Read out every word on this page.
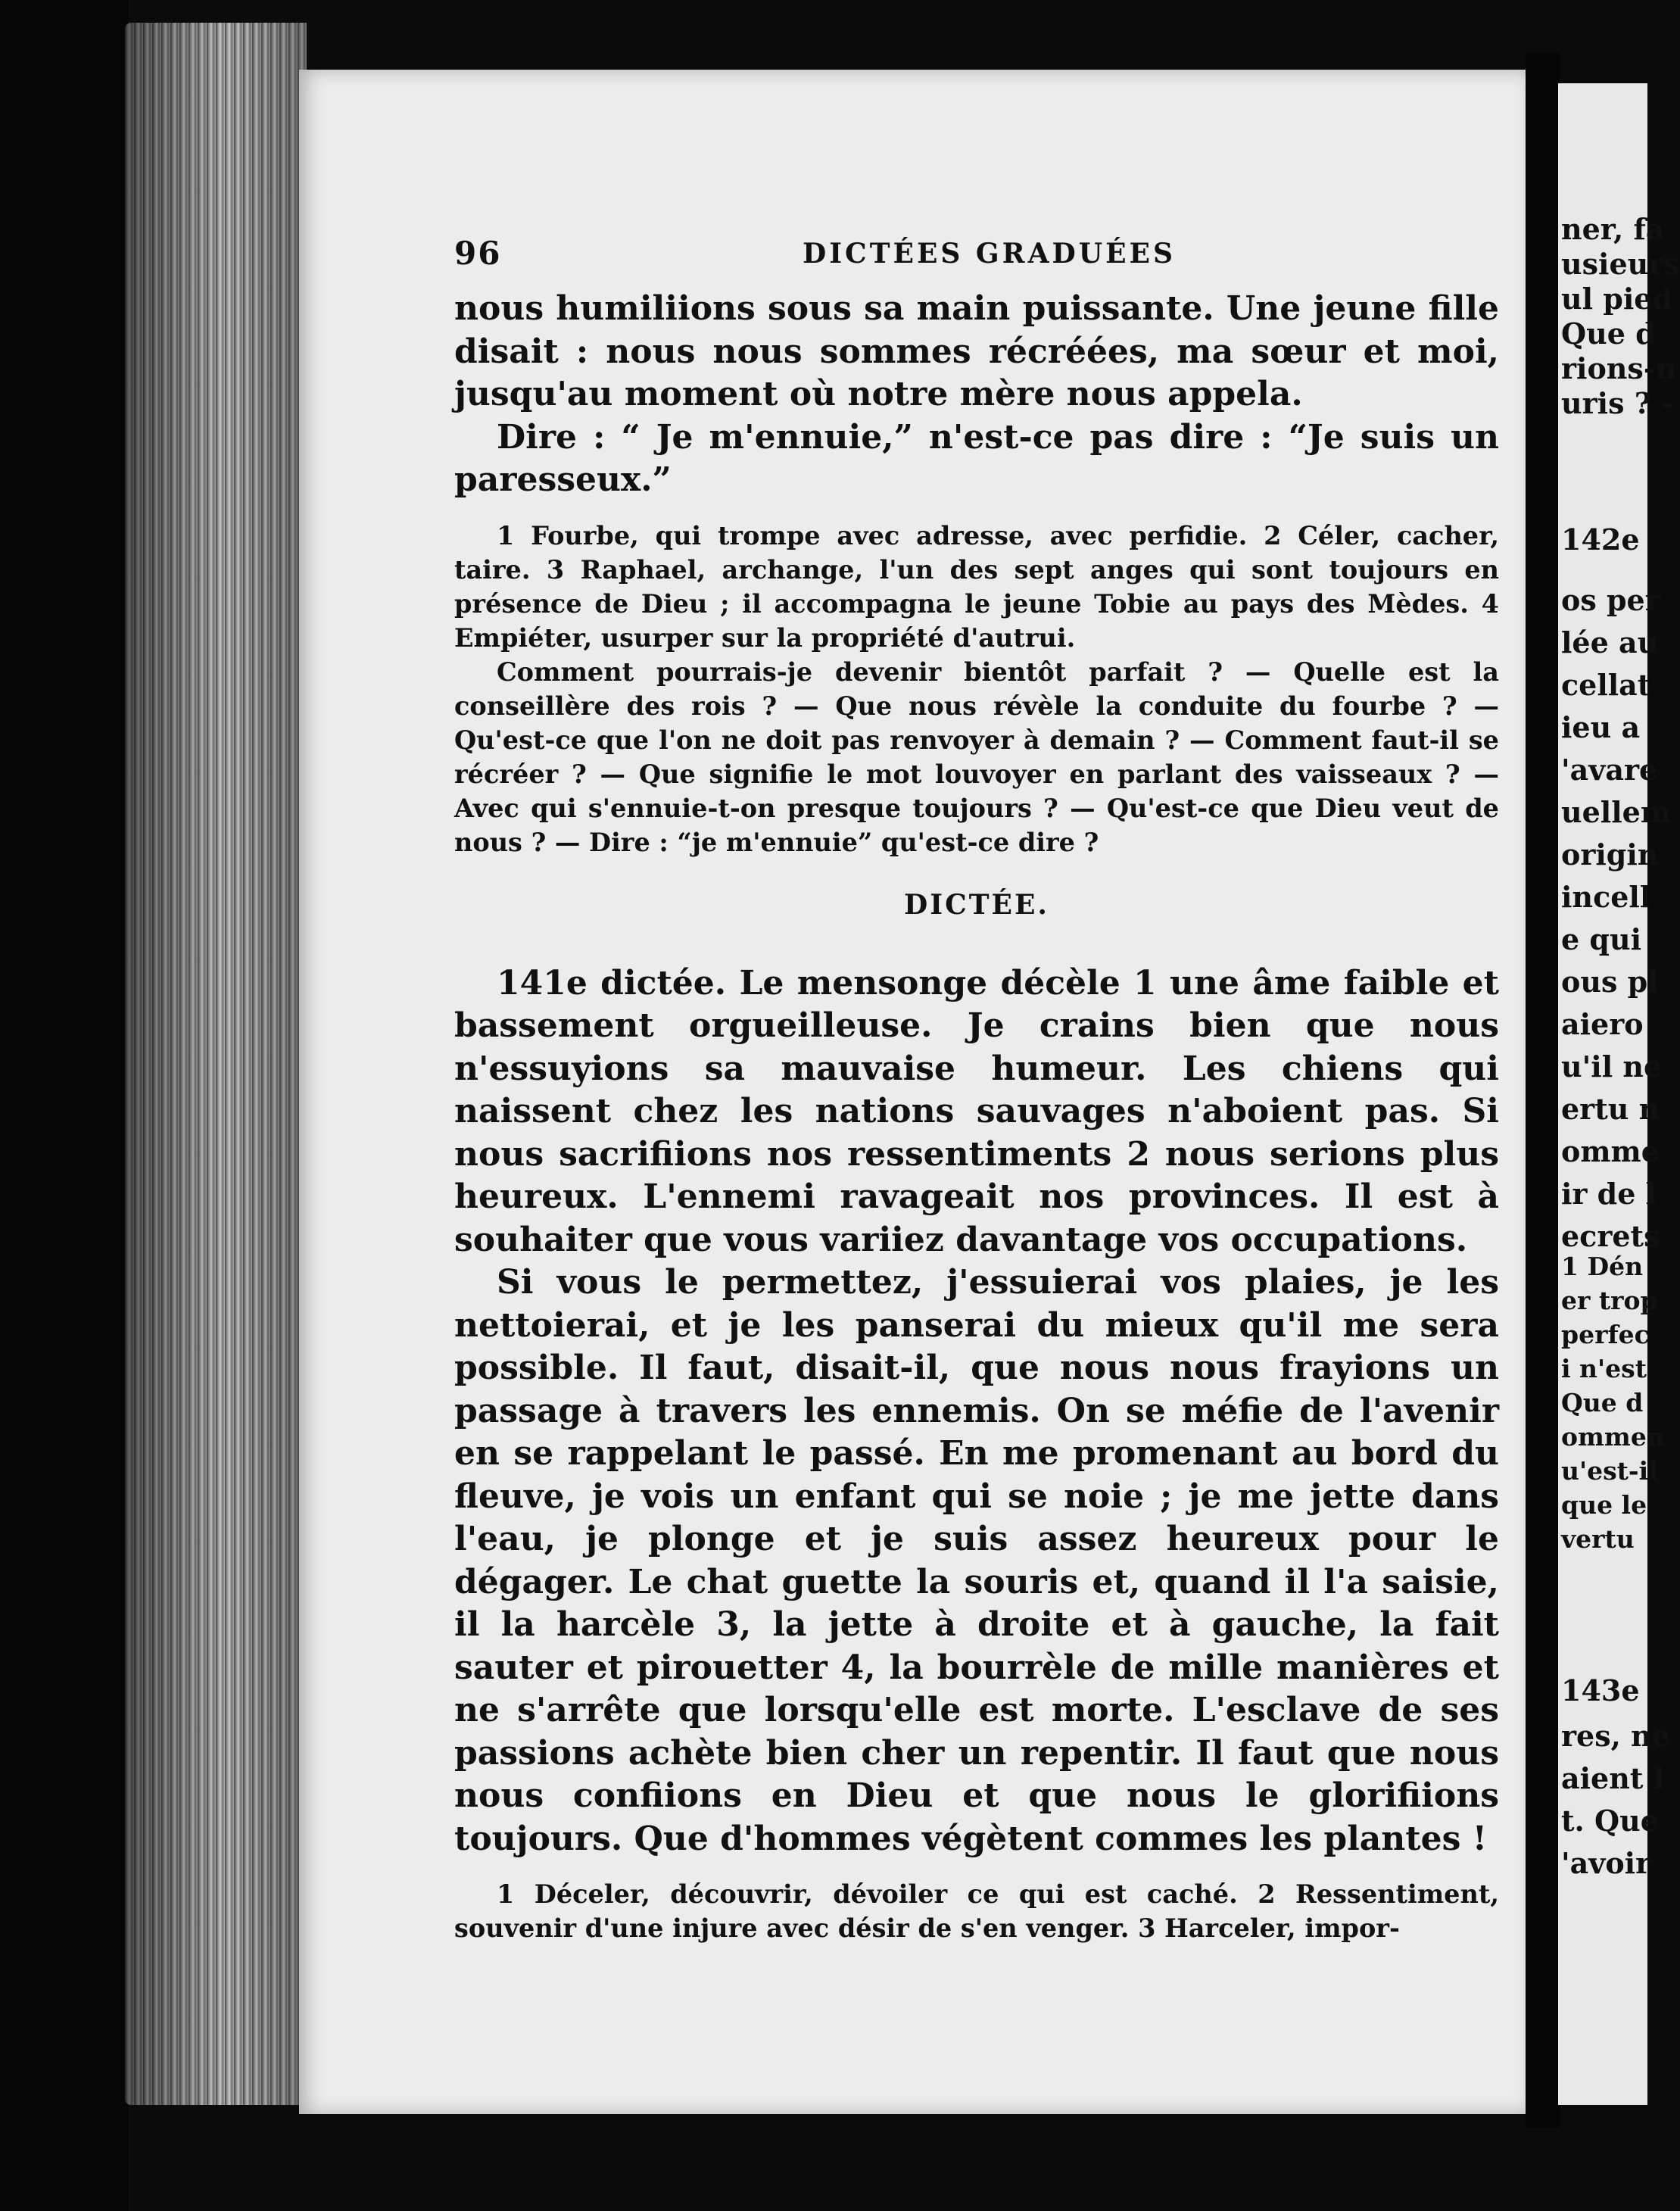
ner, fa
usieurs
ul pied
Que d
rions-n
uris ? -
142e
os per
lée au
cellat
ieu a
'avare
uellem
origin
incell
e qui
ous pl
aiero
u'il ne
ertu n
omme
ir de l
ecrets
1 Dén
er trop
perfec
i n'est
Que d
ommen
u'est-il
que le
vertu
143e
res, ne
aient l
t. Que
'avoir
96	DICTÉES GRADUÉES

nous humiliions sous sa main puissante. Une jeune fille disait : nous nous sommes récréées, ma sœur et moi, jusqu'au moment où notre mère nous appela.

Dire : “ Je m'ennuie,” n'est-ce pas dire : “Je suis un paresseux.”

1 Fourbe, qui trompe avec adresse, avec perfidie. 2 Céler, cacher, taire. 3 Raphael, archange, l'un des sept anges qui sont toujours en présence de Dieu ; il accompagna le jeune Tobie au pays des Mèdes. 4 Empiéter, usurper sur la propriété d'autrui.

Comment pourrais-je devenir bientôt parfait ? — Quelle est la conseillère des rois ? — Que nous révèle la conduite du fourbe ? — Qu'est-ce que l'on ne doit pas renvoyer à demain ? — Comment faut-il se récréer ? — Que signifie le mot louvoyer en parlant des vaisseaux ? — Avec qui s'ennuie-t-on presque toujours ? — Qu'est-ce que Dieu veut de nous ? — Dire : “je m'ennuie” qu'est-ce dire ?

DICTÉE.

141e dictée. Le mensonge décèle 1 une âme faible et bassement orgueilleuse. Je crains bien que nous n'essuyions sa mauvaise humeur. Les chiens qui naissent chez les nations sauvages n'aboient pas. Si nous sacrifiions nos ressentiments 2 nous serions plus heureux. L'ennemi ravageait nos provinces. Il est à souhaiter que vous variiez davantage vos occupations.

Si vous le permettez, j'essuierai vos plaies, je les nettoierai, et je les panserai du mieux qu'il me sera possible. Il faut, disait-il, que nous nous frayions un passage à travers les ennemis. On se méfie de l'avenir en se rappelant le passé. En me promenant au bord du fleuve, je vois un enfant qui se noie ; je me jette dans l'eau, je plonge et je suis assez heureux pour le dégager. Le chat guette la souris et, quand il l'a saisie, il la harcèle 3, la jette à droite et à gauche, la fait sauter et pirouetter 4, la bourrèle de mille manières et ne s'arrête que lorsqu'elle est morte. L'esclave de ses passions achète bien cher un repentir. Il faut que nous nous confiions en Dieu et que nous le glorifiions toujours. Que d'hommes végètent commes les plantes !

1 Déceler, découvrir, dévoiler ce qui est caché. 2 Ressentiment, souvenir d'une injure avec désir de s'en venger. 3 Harceler, impor-
